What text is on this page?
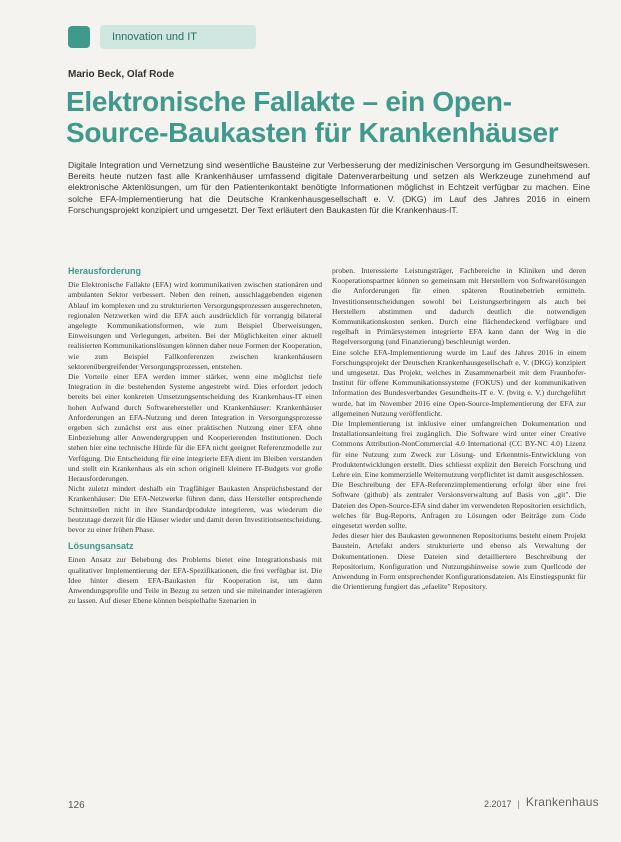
Innovation und IT
Mario Beck, Olaf Rode
Elektronische Fallakte – ein Open-Source-Baukasten für Krankenhäuser
Digitale Integration und Vernetzung sind wesentliche Bausteine zur Verbesserung der medizinischen Versorgung im Gesundheitswesen. Bereits heute nutzen fast alle Krankenhäuser umfassend digitale Datenverarbeitung und setzen als Werkzeuge zunehmend auf elektronische Aktenlösungen, um für den Patientenkontakt benötigte Informationen möglichst in Echtzeit verfügbar zu machen. Eine solche EFA-Implementierung hat die Deutsche Krankenhausgesellschaft e. V. (DKG) im Lauf des Jahres 2016 in einem Forschungsprojekt konzipiert und umgesetzt. Der Text erläutert den Baukasten für die Krankenhaus-IT.
Herausforderung

Die Elektronische Fallakte (EFA) wird kommunikativen zwischen stationären und ambulanten Sektor verbessert. Neben den reinen, ausschlaggebenden eigenen Ablauf im komplexen und zu strukturierten Versorgungsprozessen ausgerechneten, regionalen Netzwerken wird die EFA auch ausdrücklich für vorrangig bilateral angelegte Kommunikationsformen, wie zum Beispiel Überweisungen, Einweisungen und Verlegungen, arbeiten. Bei der Möglichkeiten einer aktuell realisierten Kommunikationslösungen können daher neue Formen der Kooperation, wie zum Beispiel Fallkonferenzen zwischen krankenhäusern sektorenübergreifender Versorgungsprozessen, entstehen.

Die Vorteile einer EFA werden immer stärker, wenn eine möglichst tiefe Integration in die bestehenden Systeme angestrebt wird. Dies erfordert jedoch bereits bei einer konkreten Umsetzungsentscheidung des Krankenhaus-IT einen hohen Aufwand durch Softwarehersteller und Krankenhäuser: Krankenhäuser Anforderungen an EFA-Nutzung und deren Integration in Versorgungsprozesse ergeben sich zunächst erst aus einer praktischen Nutzung einer EFA ohne Einbeziehung aller Anwendergruppen und Kooperierenden Institutionen. Doch stehen hier eine technische Hürde für die EFA nicht geeignet Referenzmodelle zur Verfügung. Die Entscheidung für eine integrierte EFA dient im Bleiben verstanden und stellt ein Krankenhaus als ein schon originell kleinere IT-Budgets vor große Herausforderungen.

Nicht zuletzt mindert deshalb ein Tragfähiger Baukasten Ansprüchsbestand der Krankenhäuser: Die EFA-Netzwerke führen dann, dass Hersteller entsprechende Schnittstellen nicht in ihre Standardprodukte integrieren, was wiederum die heutzutage derzeit für die Häuser wieder und damit deren Investitionsentscheidung.

bevor zu einer frühen Phase.

Lösungsansatz

Einen Ansatz zur Behebung des Problems bietet eine Integrationsbasis mit qualitativer Implementierung der EFA-Spezifikationen, die frei verfügbar ist. Die Idee hinter diesem EFA-Baukasten für Kooperation ist, um dann Anwendungsprofile und Teile in Bezug zu setzen und sie miteinander interagieren zu lassen. Auf dieser Ebene können beispielhafte Szenarien in

proben. Interessierte Leistungsträger, Fachbereiche in Kliniken und deren Kooperationspartner können so gemeinsam mit Herstellern von Softwarelösungen die Anforderungen für einen späteren Routinebetrieb ermitteln. Investitionsentscheidungen sowohl bei Leistungserbringern als auch bei Herstellern abstimmen und dadurch deutlich die notwendigen Kommunikationskosten senken. Durch eine flächendeckend verfügbare und regelhaft in Primärsystemen integrierte EFA kann dann der Weg in die Regelversorgung (und Finanzierung) beschleunigt werden.

Eine solche EFA-Implementierung wurde im Lauf des Jahres 2016 in einem Forschungsprojekt der Deutschen Krankenhausgesellschaft e. V. (DKG) konzipiert und umgesetzt. Das Projekt, welches in Zusammenarbeit mit dem Fraunhofer-Institut für offene Kommunikationssysteme (FOKUS) und der kommunikativen Information des Bundesverbandes Gesundheits-IT e. V. (bvitg e. V.) durchgeführt wurde, hat im November 2016 eine Open-Source-Implementierung der EFA zur allgemeinen Nutzung veröffentlicht.

Die Implementierung ist inklusive einer umfangreichen Dokumentation und Installationsanleitung frei zugänglich. Die Software wird unter einer Creative Commons Attribution-NonCommercial 4.0 International (CC BY-NC 4.0) Lizenz für eine Nutzung zum Zweck zur Lösung- und Erkenntnis-Entwicklung von Produktentwicklungen erstellt. Dies schliesst explizit den Bereich Forschung und Lehre ein. Eine kommerzielle Weiternutzung verpflichtet ist damit ausgeschlossen.

Die Beschreibung der EFA-Referenzimplementierung erfolgt über eine frei Software (github) als zentraler Versionsverwaltung auf Basis von „git". Die Dateien des Open-Source-EFA sind daher im verwendeten Repositorien ersichtlich, welches für Bug-Reports, Anfragen zu Lösungen oder Beiträge zum Code eingesetzt werden sollte.

Jedes dieser hier des Baukasten gewonnenen Repositoriums besteht einem Projekt Baustein, Artefakt anders strukturierte und ebenso als Verwaltung der Dokumentationen. Diese Dateien sind detailliertere Beschreibung der Repositorium, Konfiguration und Nutzungshinweise sowie zum Quellcode der Anwendung in Form entsprechender Konfigurationsdateien. Als Einstiegspunkt für die Orientierung fungiert das „efaelite" Repository.

126	2.2017 | Krankenhaus
